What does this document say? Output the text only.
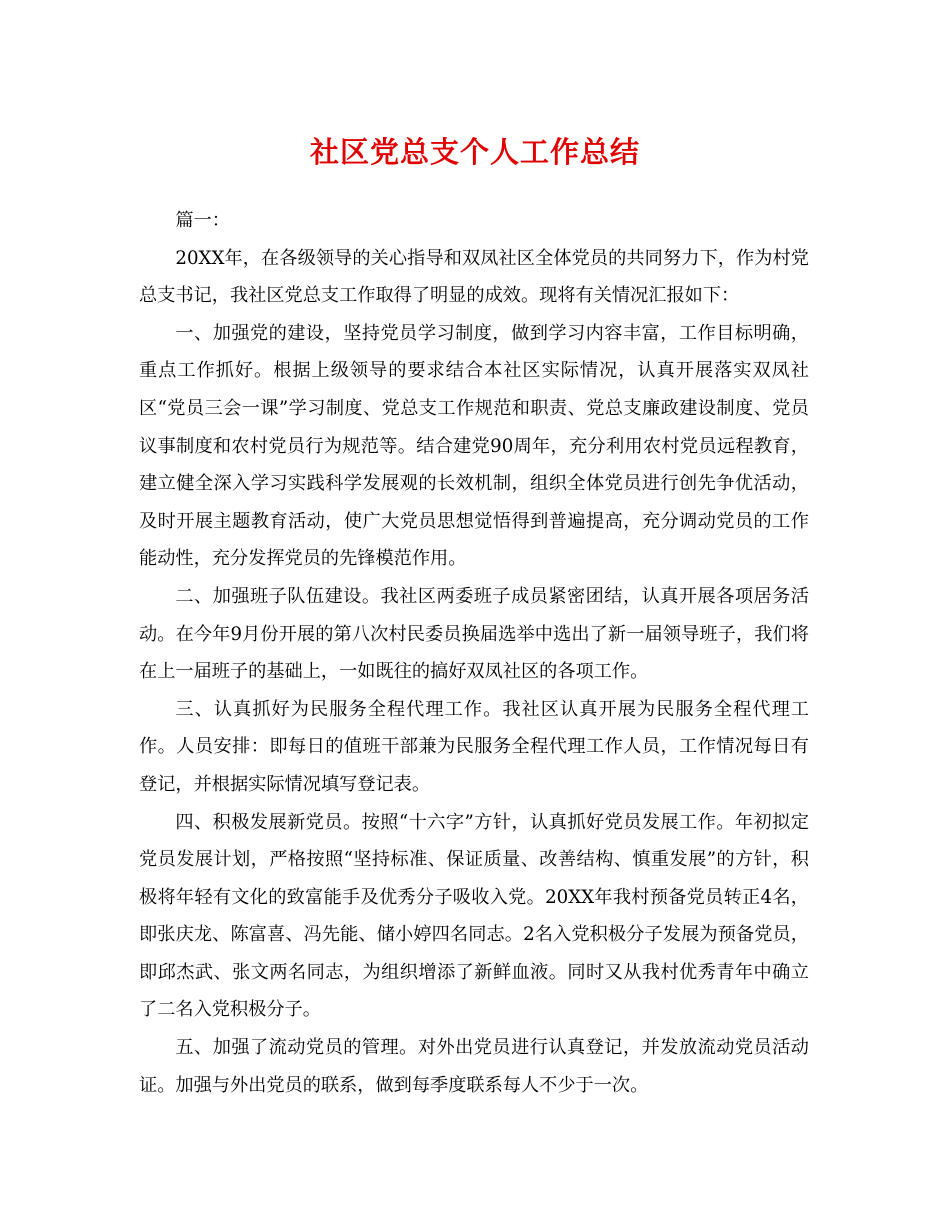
社区党总支个人工作总结

篇一：

20XX年，在各级领导的关心指导和双凤社区全体党员的共同努力下，作为村党总支书记，我社区党总支工作取得了明显的成效。现将有关情况汇报如下：

一、加强党的建设，坚持党员学习制度，做到学习内容丰富，工作目标明确，重点工作抓好。根据上级领导的要求结合本社区实际情况，认真开展落实双凤社区“党员三会一课”学习制度、党总支工作规范和职责、党总支廉政建设制度、党员议事制度和农村党员行为规范等。结合建党90周年，充分利用农村党员远程教育，建立健全深入学习实践科学发展观的长效机制，组织全体党员进行创先争优活动，及时开展主题教育活动，使广大党员思想觉悟得到普遍提高，充分调动党员的工作能动性，充分发挥党员的先锋模范作用。

二、加强班子队伍建设。我社区两委班子成员紧密团结，认真开展各项居务活动。在今年9月份开展的第八次村民委员换届选举中选出了新一届领导班子，我们将在上一届班子的基础上，一如既往的搞好双凤社区的各项工作。

三、认真抓好为民服务全程代理工作。我社区认真开展为民服务全程代理工作。人员安排：即每日的值班干部兼为民服务全程代理工作人员，工作情况每日有登记，并根据实际情况填写登记表。

四、积极发展新党员。按照“十六字”方针，认真抓好党员发展工作。年初拟定党员发展计划，严格按照“坚持标准、保证质量、改善结构、慎重发展”的方针，积极将年轻有文化的致富能手及优秀分子吸收入党。20XX年我村预备党员转正4名，即张庆龙、陈富喜、冯先能、储小婷四名同志。2名入党积极分子发展为预备党员，即邱杰武、张文两名同志，为组织增添了新鲜血液。同时又从我村优秀青年中确立了二名入党积极分子。

五、加强了流动党员的管理。对外出党员进行认真登记，并发放流动党员活动证。加强与外出党员的联系，做到每季度联系每人不少于一次。
